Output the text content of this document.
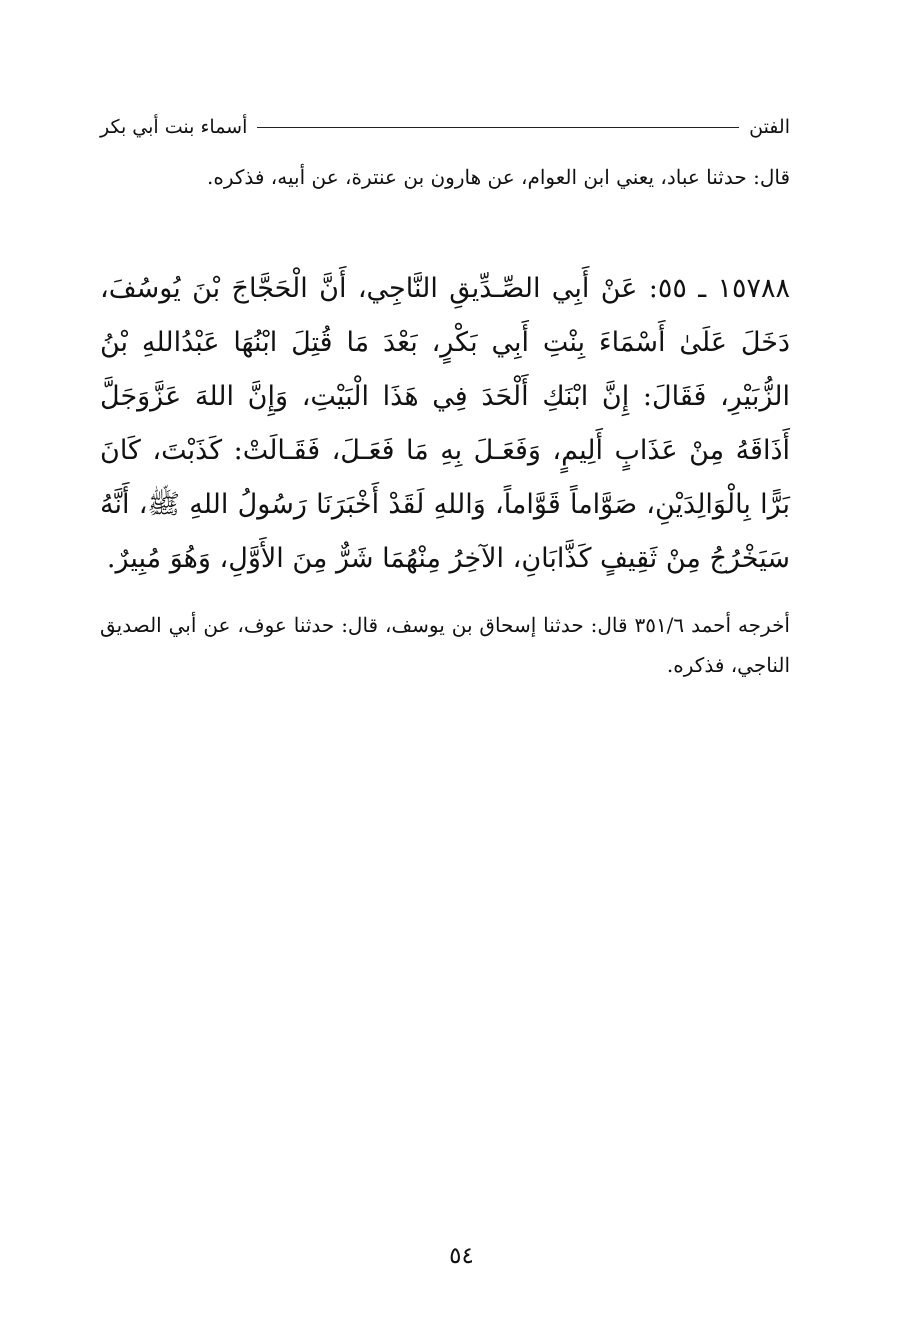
الفتن
أسماء بنت أبي بكر
قال: حدثنا عباد، يعني ابن العوام، عن هارون بن عنترة، عن أبيه، فذكره.
١٥٧٨٨ ـ ٥٥: عَنْ أَبِي الصِّـدِّيقِ النَّاجِي، أَنَّ الْحَجَّاجَ بْنَ يُوسُفَ، دَخَلَ عَلَىٰ أَسْمَاءَ بِنْتِ أَبِي بَكْرٍ، بَعْدَ مَا قُتِلَ ابْنُهَا عَبْدُاللهِ بْنُ الزُّبَيْرِ، فَقَالَ: إِنَّ ابْنَكِ أَلْحَدَ فِي هَذَا الْبَيْتِ، وَإِنَّ اللهَ عَزَّوَجَلَّ أَذَاقَهُ مِنْ عَذَابٍ أَلِيمٍ، وَفَعَـلَ بِهِ مَا فَعَـلَ، فَقَـالَتْ: كَذَبْتَ، كَانَ بَرًّا بِالْوَالِدَيْنِ، صَوَّاماً قَوَّاماً، وَاللهِ لَقَدْ أَخْبَرَنَا رَسُولُ اللهِ ﷺ، أَنَّهُ سَيَخْرُجُ مِنْ ثَقِيفٍ كَذَّابَانِ، الآخِرُ مِنْهُمَا شَرٌّ مِنَ الأَوَّلِ، وَهُوَ مُبِيرٌ.
أخرجه أحمد ٣٥١/٦ قال: حدثنا إسحاق بن يوسف، قال: حدثنا عوف، عن أبي الصديق الناجي، فذكره.
٥٤
